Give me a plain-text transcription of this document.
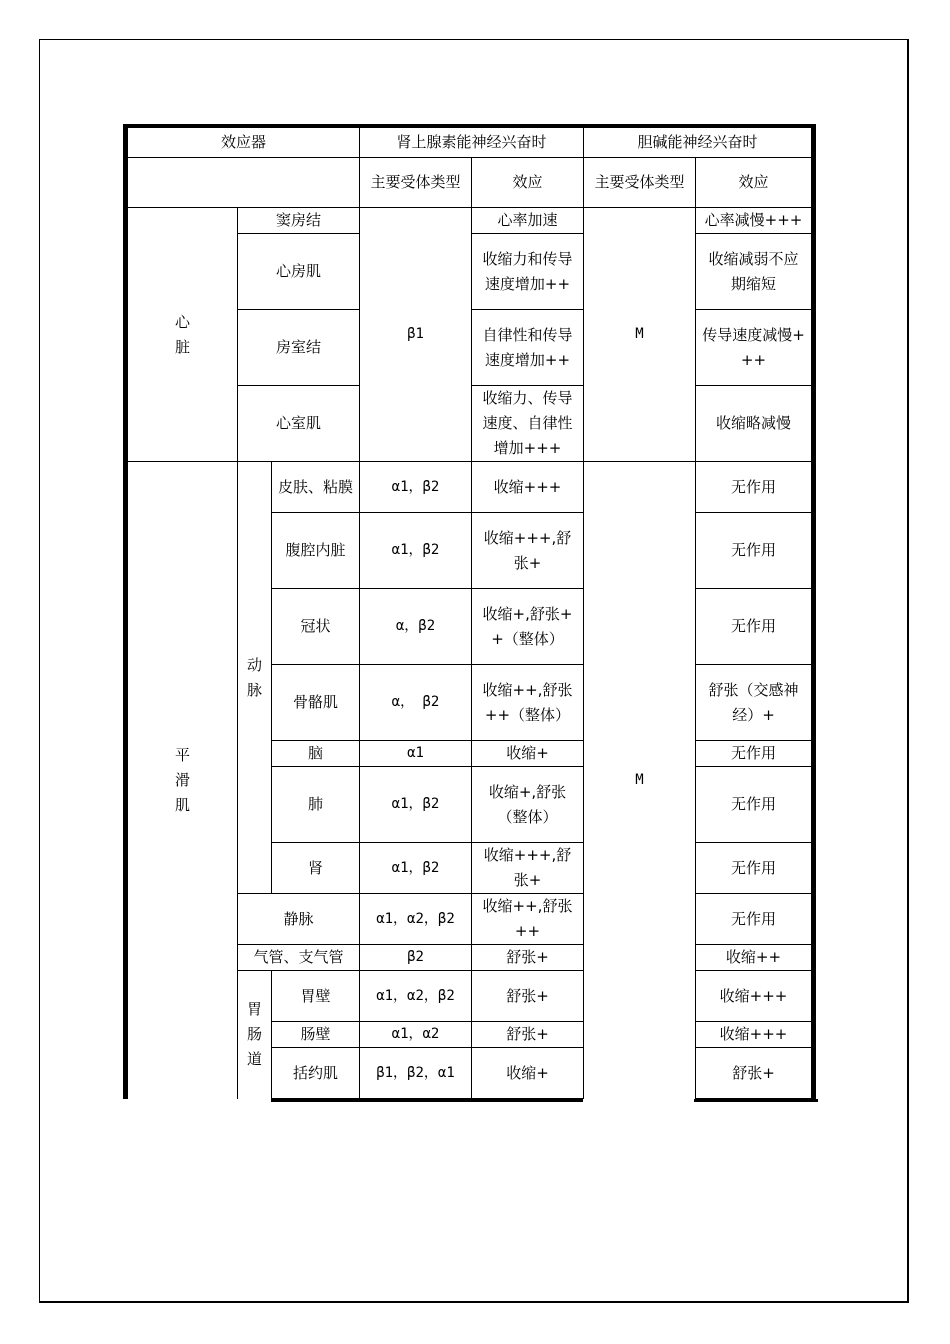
效应器			肾上腺素能神经兴奋时		胆碱能神经兴奋时	
			主要受体类型	效应	主要受体类型	效应
心脏	窦房结		β1	心率加速	M	心率减慢+++
	心房肌			收缩力和传导速度增加++		收缩减弱不应期缩短
	房室结			自律性和传导速度增加++		传导速度减慢+++
	心室肌			收缩力、传导速度、自律性增加+++		收缩略减慢
平滑肌	动脉	皮肤、粘膜	α1，β2	收缩+++	M	无作用
		腹腔内脏	α1，β2	收缩+++,舒张+		无作用
		冠状	α，β2	收缩+,舒张++（整体）		无作用
		骨骼肌	α， β2	收缩++,舒张++（整体）		舒张（交感神经）+
		脑	α1	收缩+		无作用
		肺	α1，β2	收缩+,舒张（整体）		无作用
		肾	α1，β2	收缩+++,舒张+		无作用
	静脉		α1，α2，β2	收缩++,舒张++		无作用
	气管、支气管		β2	舒张+		收缩++
	胃肠道	胃壁	α1，α2，β2	舒张+		收缩+++
		肠壁	α1，α2	舒张+		收缩+++
		括约肌	β1，β2，α1	收缩+		舒张+
